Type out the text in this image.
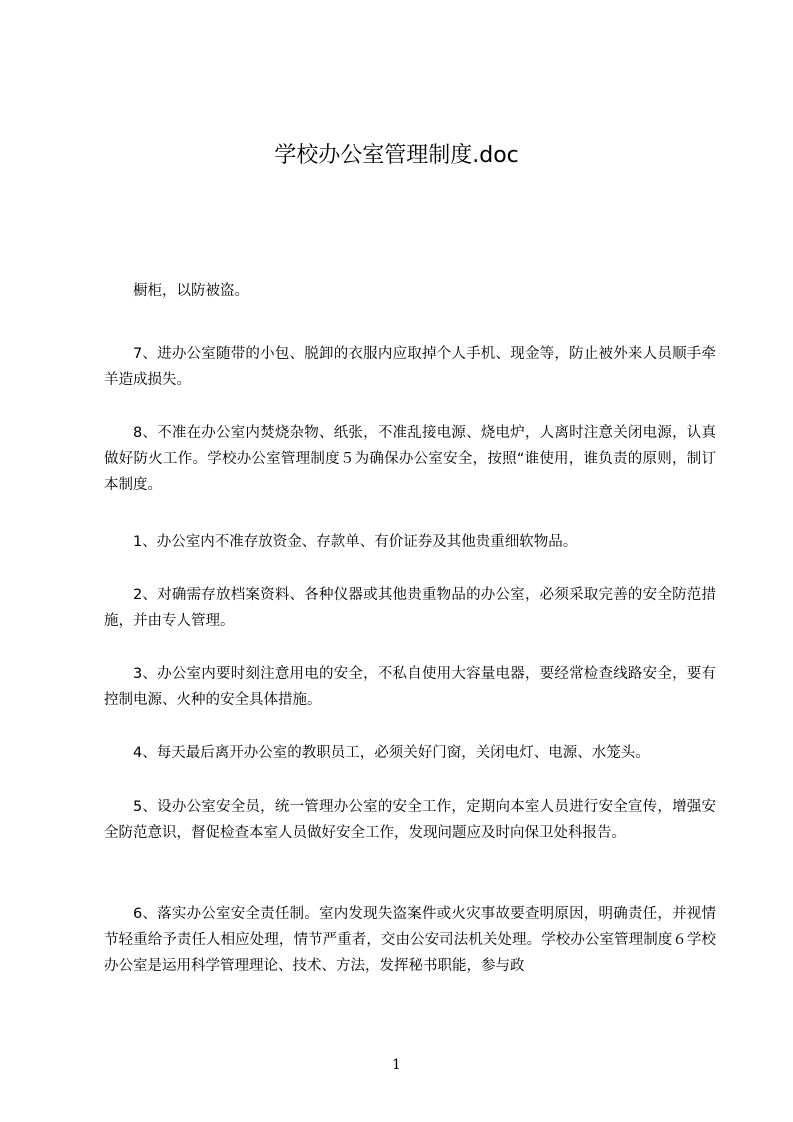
学校办公室管理制度.doc

橱柜，以防被盗。

7、进办公室随带的小包、脱卸的衣服内应取掉个人手机、现金等，防止被外来人员顺手牵羊造成损失。

8、不准在办公室内焚烧杂物、纸张，不准乱接电源、烧电炉，人离时注意关闭电源，认真做好防火工作。学校办公室管理制度５为确保办公室安全，按照“谁使用，谁负责的原则，制订本制度。

1、办公室内不准存放资金、存款单、有价证券及其他贵重细软物品。

2、对确需存放档案资料、各种仪器或其他贵重物品的办公室，必须采取完善的安全防范措施，并由专人管理。

3、办公室内要时刻注意用电的安全，不私自使用大容量电器，要经常检查线路安全，要有控制电源、火种的安全具体措施。

4、每天最后离开办公室的教职员工，必须关好门窗，关闭电灯、电源、水笼头。

5、设办公室安全员，统一管理办公室的安全工作，定期向本室人员进行安全宣传，增强安全防范意识，督促检查本室人员做好安全工作，发现问题应及时向保卫处科报告。

6、落实办公室安全责任制。室内发现失盗案件或火灾事故要查明原因，明确责任，并视情节轻重给予责任人相应处理，情节严重者，交由公安司法机关处理。学校办公室管理制度６学校办公室是运用科学管理理论、技术、方法，发挥秘书职能，参与政

1
